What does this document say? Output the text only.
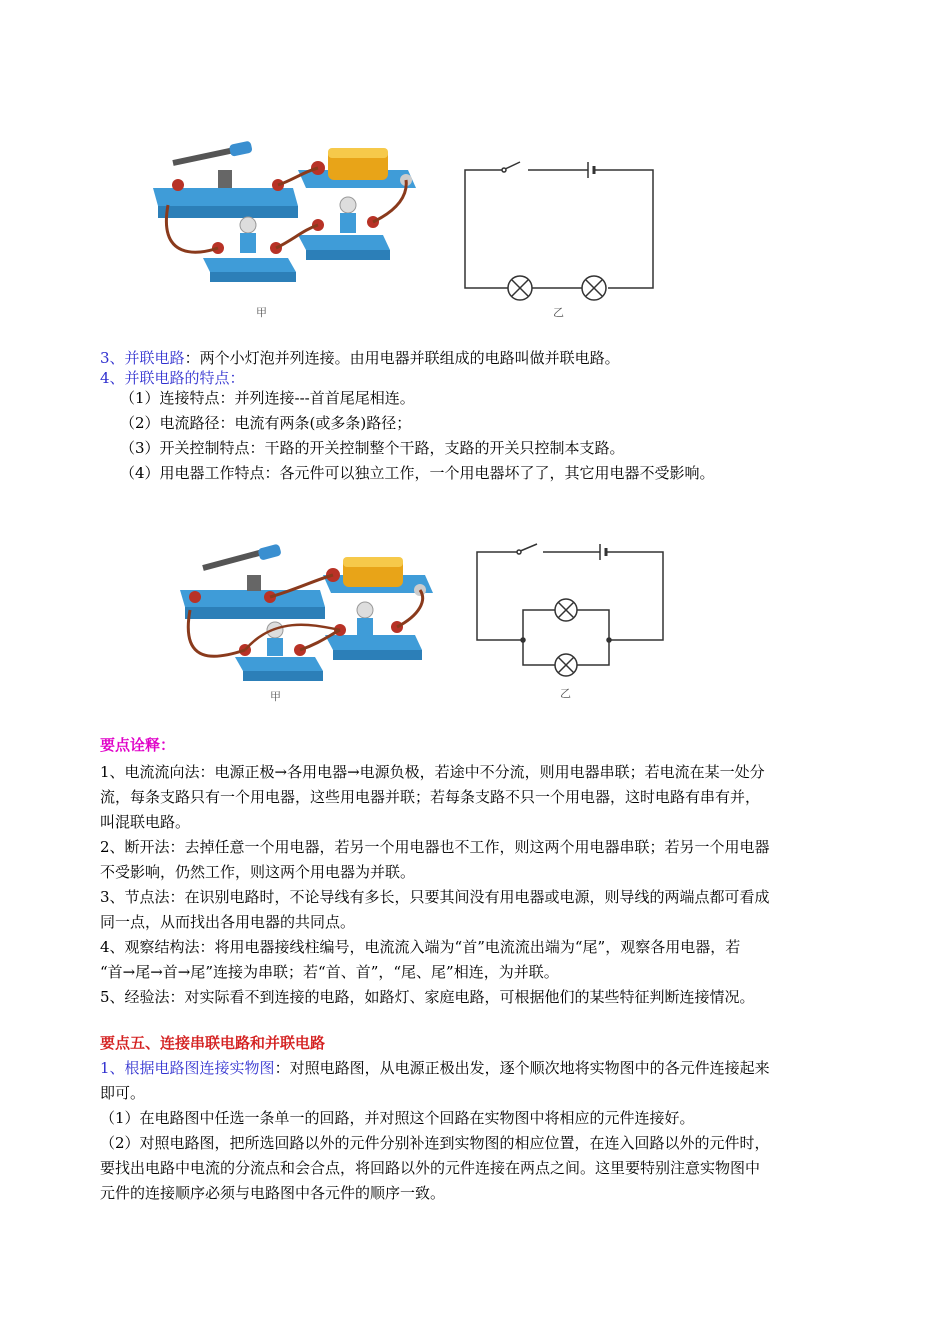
甲	乙
3、并联电路：两个小灯泡并列连接。由用电器并联组成的电路叫做并联电路。
4、并联电路的特点：
（1）连接特点：并列连接---首首尾尾相连。
（2）电流路径：电流有两条(或多条)路径；
（3）开关控制特点：干路的开关控制整个干路，支路的开关只控制本支路。
（4）用电器工作特点：各元件可以独立工作，一个用电器坏了了，其它用电器不受影响。
甲	乙
要点诠释：
1、电流流向法：电源正极→各用电器→电源负极，若途中不分流，则用电器串联；若电流在某一处分
流，每条支路只有一个用电器，这些用电器并联；若每条支路不只一个用电器，这时电路有串有并，
叫混联电路。
2、断开法：去掉任意一个用电器，若另一个用电器也不工作，则这两个用电器串联；若另一个用电器
不受影响，仍然工作，则这两个用电器为并联。
3、节点法：在识别电路时，不论导线有多长，只要其间没有用电器或电源，则导线的两端点都可看成
同一点，从而找出各用电器的共同点。
4、观察结构法：将用电器接线柱编号，电流流入端为“首”电流流出端为“尾”，观察各用电器，若
“首→尾→首→尾”连接为串联；若“首、首”，“尾、尾”相连，为并联。
5、经验法：对实际看不到连接的电路，如路灯、家庭电路，可根据他们的某些特征判断连接情况。
要点五、连接串联电路和并联电路
1、根据电路图连接实物图：对照电路图，从电源正极出发，逐个顺次地将实物图中的各元件连接起来
即可。
（1）在电路图中任选一条单一的回路，并对照这个回路在实物图中将相应的元件连接好。
（2）对照电路图，把所选回路以外的元件分别补连到实物图的相应位置，在连入回路以外的元件时，
要找出电路中电流的分流点和会合点，将回路以外的元件连接在两点之间。这里要特别注意实物图中
元件的连接顺序必须与电路图中各元件的顺序一致。
